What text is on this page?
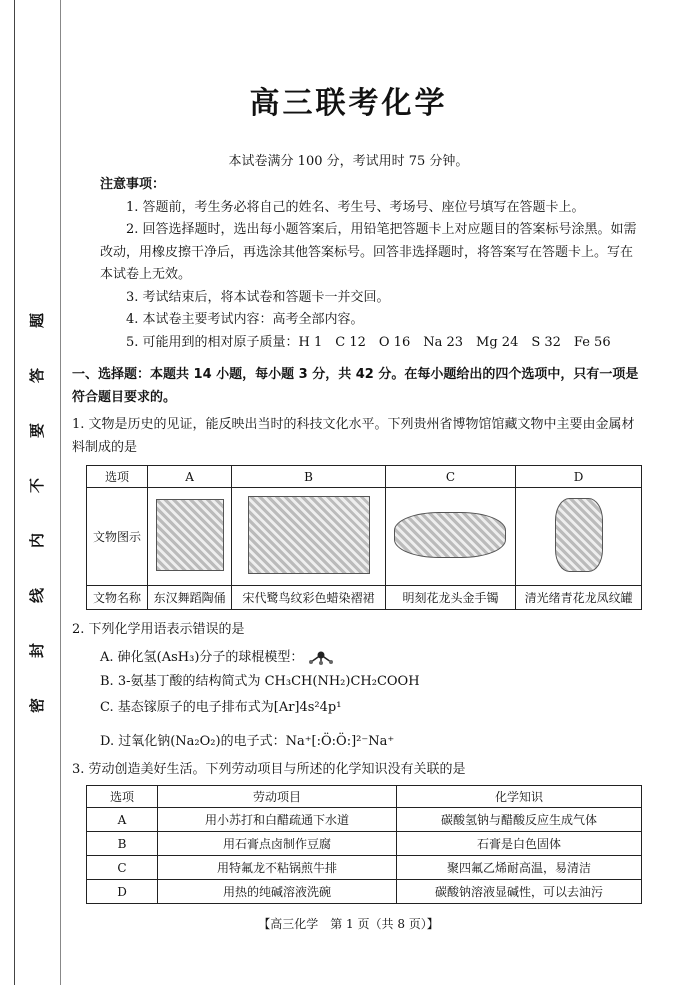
题
答
要
不
内
线
封
密
高三联考化学
本试卷满分 100 分，考试用时 75 分钟。
注意事项：
1. 答题前，考生务必将自己的姓名、考生号、考场号、座位号填写在答题卡上。
2. 回答选择题时，选出每小题答案后，用铅笔把答题卡上对应题目的答案标号涂黑。如需改动，用橡皮擦干净后，再选涂其他答案标号。回答非选择题时，将答案写在答题卡上。写在本试卷上无效。
3. 考试结束后，将本试卷和答题卡一并交回。
4. 本试卷主要考试内容：高考全部内容。
5. 可能用到的相对原子质量：H 1　C 12　O 16　Na 23　Mg 24　S 32　Fe 56
一、选择题：本题共 14 小题，每小题 3 分，共 42 分。在每小题给出的四个选项中，只有一项是符合题目要求的。
1. 文物是历史的见证，能反映出当时的科技文化水平。下列贵州省博物馆馆藏文物中主要由金属材料制成的是
选项	A	B	C	D
文物图示				
文物名称	东汉舞蹈陶俑	宋代鹭鸟纹彩色蜡染褶裙	明刻花龙头金手镯	清光绪青花龙凤纹罐
2. 下列化学用语表示错误的是
A. 砷化氢(AsH₃)分子的球棍模型：
B. 3-氨基丁酸的结构简式为 CH₃CH(NH₂)CH₂COOH
C. 基态镓原子的电子排布式为[Ar]4s²4p¹
D. 过氧化钠(Na₂O₂)的电子式：Na⁺[:Ö:Ö:]²⁻Na⁺
3. 劳动创造美好生活。下列劳动项目与所述的化学知识没有关联的是
选项	劳动项目	化学知识
A	用小苏打和白醋疏通下水道	碳酸氢钠与醋酸反应生成气体
B	用石膏点卤制作豆腐	石膏是白色固体
C	用特氟龙不粘锅煎牛排	聚四氟乙烯耐高温，易清洁
D	用热的纯碱溶液洗碗	碳酸钠溶液显碱性，可以去油污
【高三化学　第 1 页（共 8 页）】
